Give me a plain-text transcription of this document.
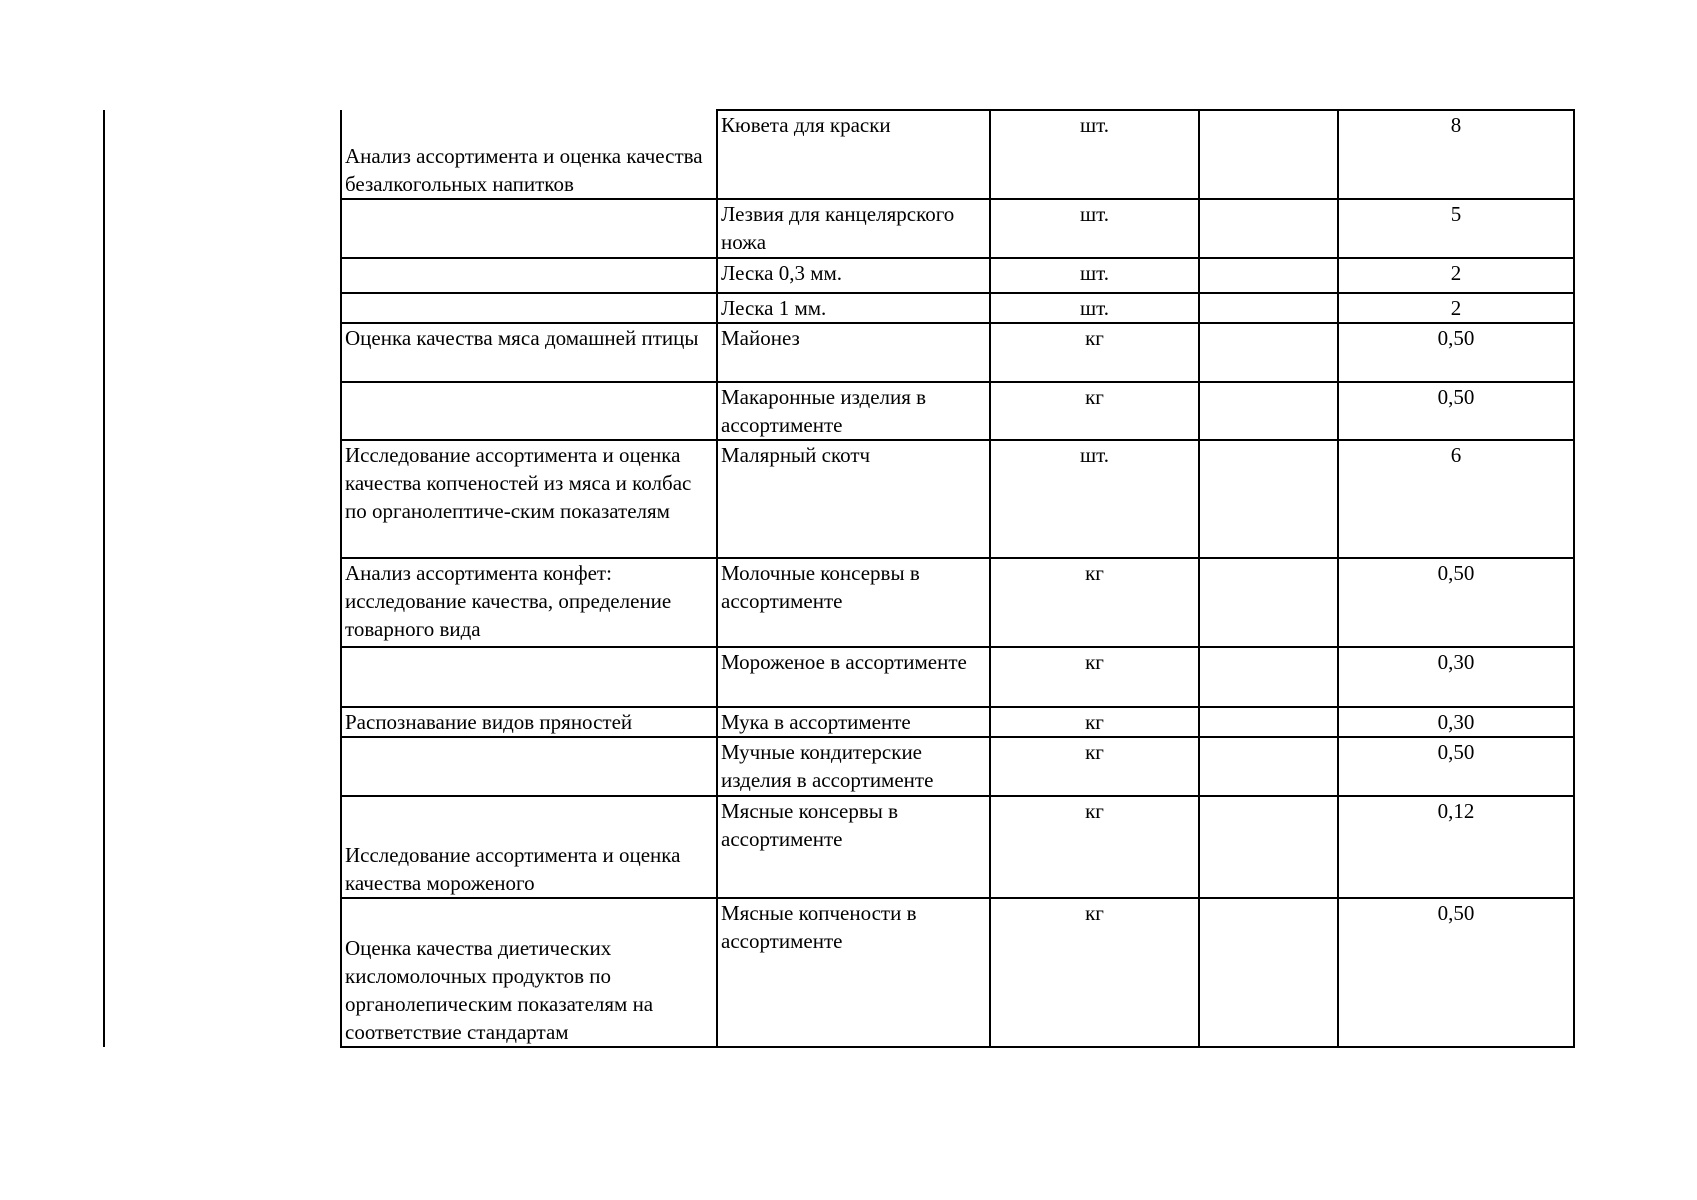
Анализ ассортимента и оценка качества безалкогольных напитков	Кювета для краски	шт.		8
	Лезвия для канцелярского ножа	шт.		5
	Леска 0,3 мм.	шт.		2
	Леска 1 мм.	шт.		2
Оценка качества мяса домашней птицы	Майонез	кг		0,50
	Макаронные изделия в ассортименте	кг		0,50
Исследование ассортимента и оценка качества копченостей из мяса и колбас по органолептиче-ским показателям	Малярный скотч	шт.		6
Анализ ассортимента конфет: исследование качества, определение товарного вида	Молочные консервы в ассортименте	кг		0,50
	Мороженое в ассортименте	кг		0,30
Распознавание видов пряностей	Мука в ассортименте	кг		0,30
	Мучные кондитерские изделия в ассортименте	кг		0,50
Исследование ассортимента и оценка качества мороженого	Мясные консервы в ассортименте	кг		0,12
Оценка качества диетических кисломолочных продуктов по органолепическим показателям на соответствие стандартам	Мясные копчености в ассортименте	кг		0,50
